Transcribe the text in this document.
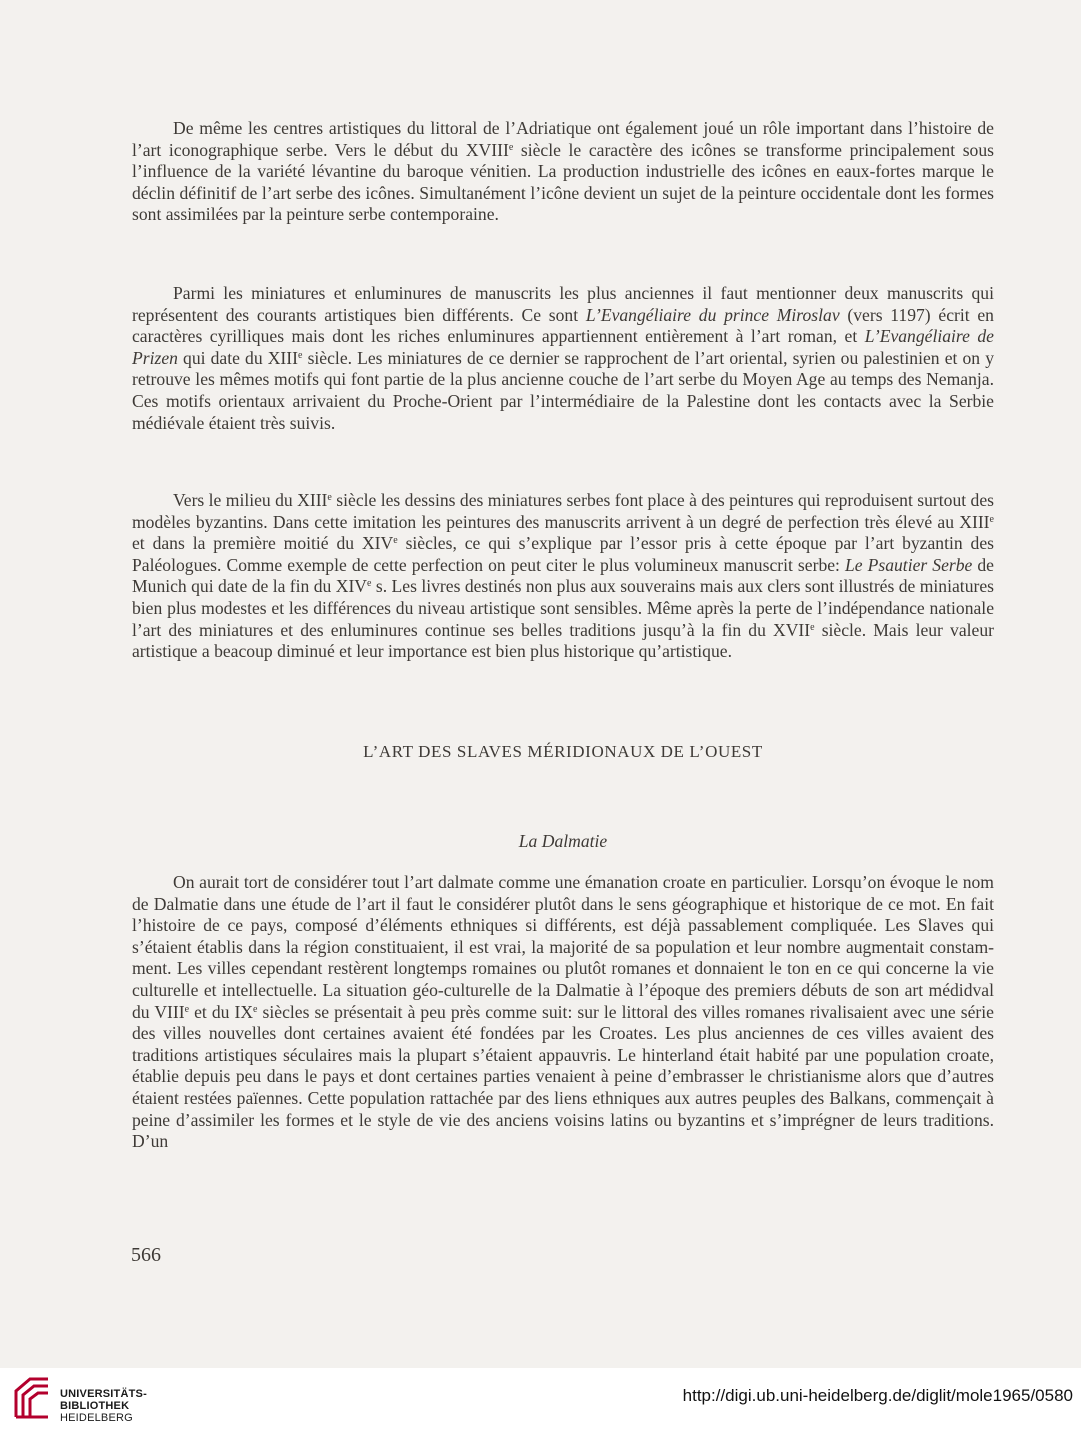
De même les centres artistiques du littoral de l’Adriatique ont également joué un rôle important dans l’histoire de l’art iconographique serbe. Vers le début du XVIIIe siècle le caractère des icônes se transforme principalement sous l’influence de la variété lévantine du baroque vénitien. La production industrielle des icônes en eaux-fortes marque le déclin définitif de l’art serbe des icônes. Simultanément l’icône devient un sujet de la peinture occidentale dont les formes sont assimilées par la peinture serbe contemporaine.
Parmi les miniatures et enluminures de manuscrits les plus anciennes il faut mentionner deux manuscrits qui représentent des courants artistiques bien différents. Ce sont L’Evangéliaire du prince Miroslav (vers 1197) écrit en caractères cyrilliques mais dont les riches enluminures appartiennent entièrement à l’art roman, et L’Evangéliaire de Prizen qui date du XIIIe siècle. Les miniatures de ce dernier se rapprochent de l’art oriental, syrien ou palestinien et on y retrouve les mêmes motifs qui font partie de la plus ancienne couche de l’art serbe du Moyen Age au temps des Nemanja. Ces motifs orientaux arrivaient du Proche-Orient par l’intermédiaire de la Palestine dont les contacts avec la Serbie médiévale étaient très suivis.
Vers le milieu du XIIIe siècle les dessins des miniatures serbes font place à des peintures qui reproduisent surtout des modèles byzantins. Dans cette imitation les peintures des manuscrits arrivent à un degré de perfection très élevé au XIIIe et dans la première moitié du XIVe siècles, ce qui s’explique par l’essor pris à cette époque par l’art byzantin des Paléologues. Comme exemple de cette perfection on peut citer le plus volumineux manuscrit serbe: Le Psautier Serbe de Munich qui date de la fin du XIVe s. Les livres destinés non plus aux souverains mais aux clers sont illustrés de miniatures bien plus modestes et les différences du niveau artistique sont sensibles. Même après la perte de l’indépendance nationale l’art des miniatures et des enluminures continue ses belles traditions jusqu’à la fin du XVIIe siècle. Mais leur valeur artistique a beacoup diminué et leur importance est bien plus historique qu’artistique.
L’ART DES SLAVES MÉRIDIONAUX DE L’OUEST
La Dalmatie
On aurait tort de considérer tout l’art dalmate comme une émanation croate en particulier. Lorsqu’on évoque le nom de Dalmatie dans une étude de l’art il faut le considérer plutôt dans le sens géographique et historique de ce mot. En fait l’histoire de ce pays, composé d’éléments ethniques si différents, est déjà passablement compliquée. Les Slaves qui s’étaient établis dans la région constituaient, il est vrai, la majorité de sa population et leur nombre augmentait constamment. Les villes cependant restèrent longtemps romaines ou plutôt romanes et donnaient le ton en ce qui concerne la vie culturelle et intellectuelle. La situation géo-culturelle de la Dalmatie à l’époque des premiers débuts de son art médidval du VIIIe et du IXe siècles se présentait à peu près comme suit: sur le littoral des villes romanes rivalisaient avec une série des villes nouvelles dont certaines avaient été fondées par les Croates. Les plus anciennes de ces villes avaient des traditions artistiques séculaires mais la plupart s’étaient appauvris. Le hinterland était habité par une population croate, établie depuis peu dans le pays et dont certaines parties venaient à peine d’embrasser le christianisme alors que d’autres étaient restées païennes. Cette population rattachée par des liens ethniques aux autres peuples des Balkans, commençait à peine d’assimiler les formes et le style de vie des anciens voisins latins ou byzantins et s’imprégner de leurs traditions. D’un
566
UNIVERSITÄTS-
BIBLIOTHEK
HEIDELBERG
http://digi.ub.uni-heidelberg.de/diglit/mole1965/0580
